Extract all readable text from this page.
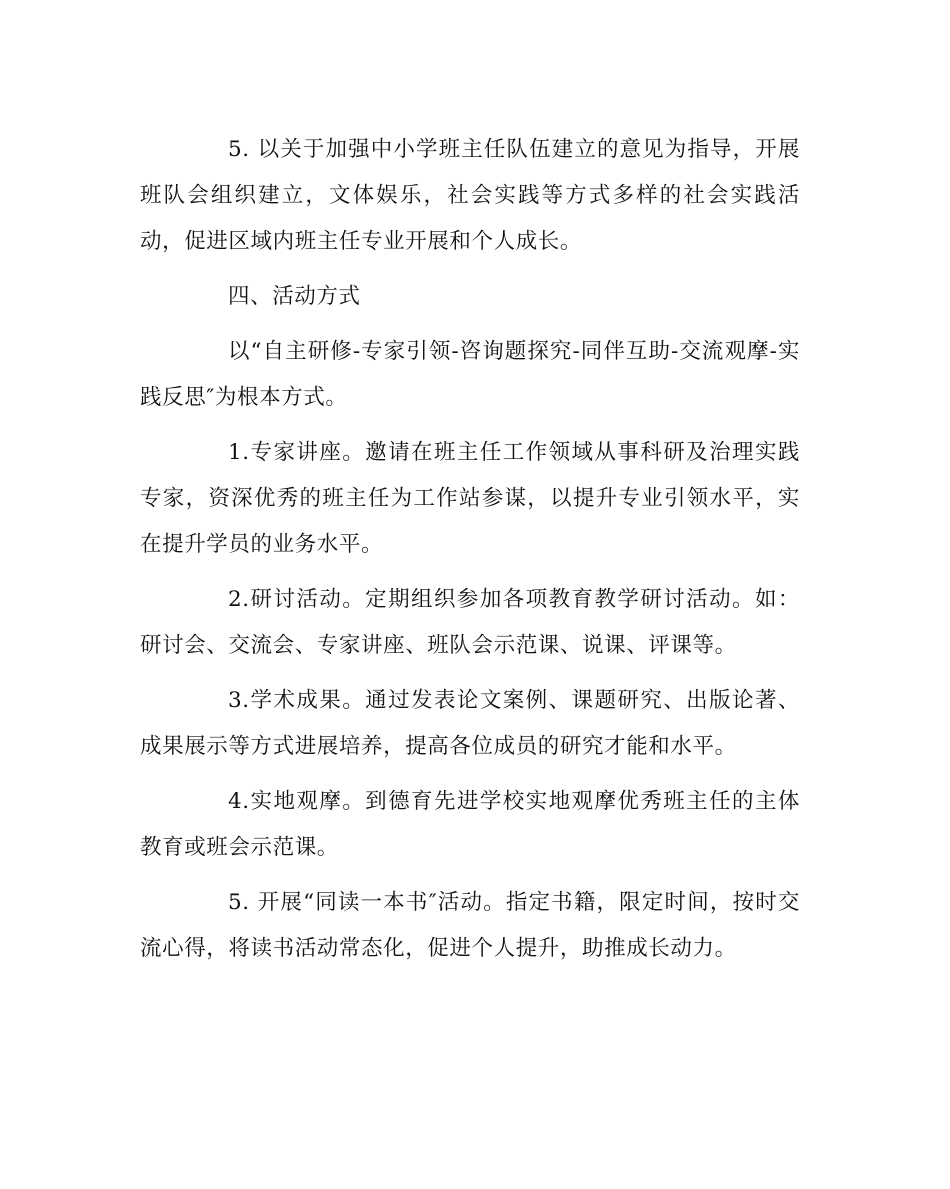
5. 以关于加强中小学班主任队伍建立的意见为指导，开展班队会组织建立，文体娱乐，社会实践等方式多样的社会实践活动，促进区域内班主任专业开展和个人成长。

四、活动方式

以“自主研修-专家引领-咨询题探究-同伴互助-交流观摩-实践反思″为根本方式。

1.专家讲座。邀请在班主任工作领域从事科研及治理实践专家，资深优秀的班主任为工作站参谋，以提升专业引领水平，实在提升学员的业务水平。

2.研讨活动。定期组织参加各项教育教学研讨活动。如：研讨会、交流会、专家讲座、班队会示范课、说课、评课等。

3.学术成果。通过发表论文案例、课题研究、出版论著、成果展示等方式进展培养，提高各位成员的研究才能和水平。

4.实地观摩。到德育先进学校实地观摩优秀班主任的主体教育或班会示范课。

5. 开展“同读一本书″活动。指定书籍，限定时间，按时交流心得，将读书活动常态化，促进个人提升，助推成长动力。
